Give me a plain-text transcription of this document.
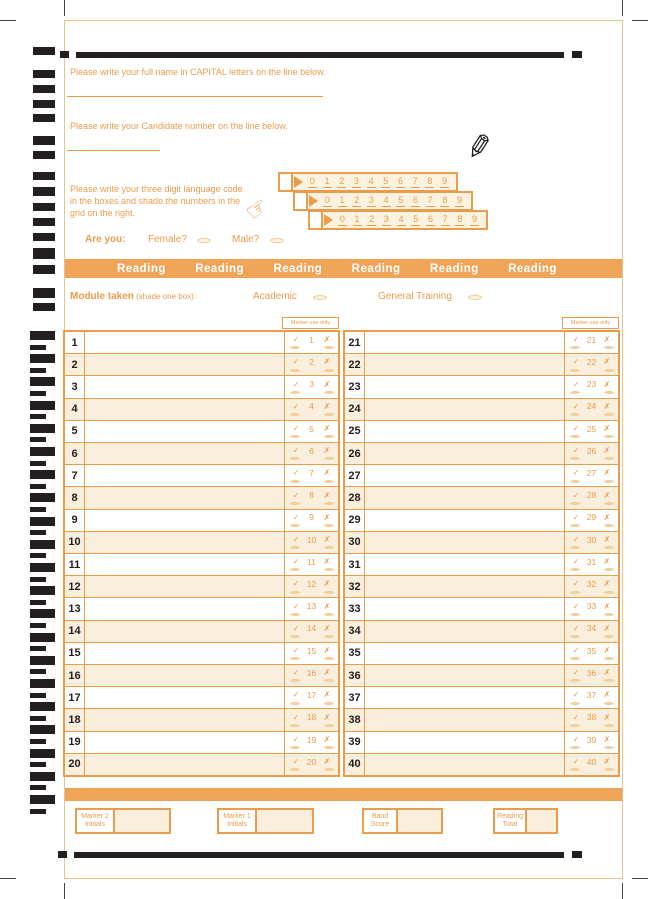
Please write your full name in CAPITAL letters on the line below.
Please write your Candidate number on the line below.
Please write your three digit language code in the boxes and shade the numbers in the grid on the right.	☞
✎
0	1	2	3	4	5	6	7	8	9
0	1	2	3	4	5	6	7	8	9
0	1	2	3	4	5	6	7	8	9
Are you: Female?	Male?
Reading	Reading	Reading	Reading	Reading	Reading
Module taken (shade one box):	Academic	General Training
Marker use only	Marker use only
1	✓	1	✗
2	✓	2	✗
3	✓	3	✗
4	✓	4	✗
5	✓	5	✗
6	✓	6	✗
7	✓	7	✗
8	✓	8	✗
9	✓	9	✗
10	✓ 10 ✗
11	✓ 11 ✗
12	✓ 12 ✗
13	✓ 13 ✗
14	✓ 14 ✗
15	✓ 15 ✗
16	✓ 16 ✗
17	✓ 17 ✗
18	✓ 18 ✗
19	✓ 19 ✗
20	✓ 20 ✗
21	✓ 21 ✗
22	✓ 22 ✗
23	✓ 23 ✗
24	✓ 24 ✗
25	✓ 25 ✗
26	✓ 26 ✗
27	✓ 27 ✗
28	✓ 28 ✗
29	✓ 29 ✗
30	✓ 30 ✗
31	✓ 31 ✗
32	✓ 32 ✗
33	✓ 33 ✗
34	✓ 34 ✗
35	✓ 35 ✗
36	✓ 36 ✗
37	✓ 37 ✗
38	✓ 38 ✗
39	✓ 39 ✗
40	✓ 40 ✗
Marker 2
Initials
Marker 1
Initials
Band
Score
Reading
Total
